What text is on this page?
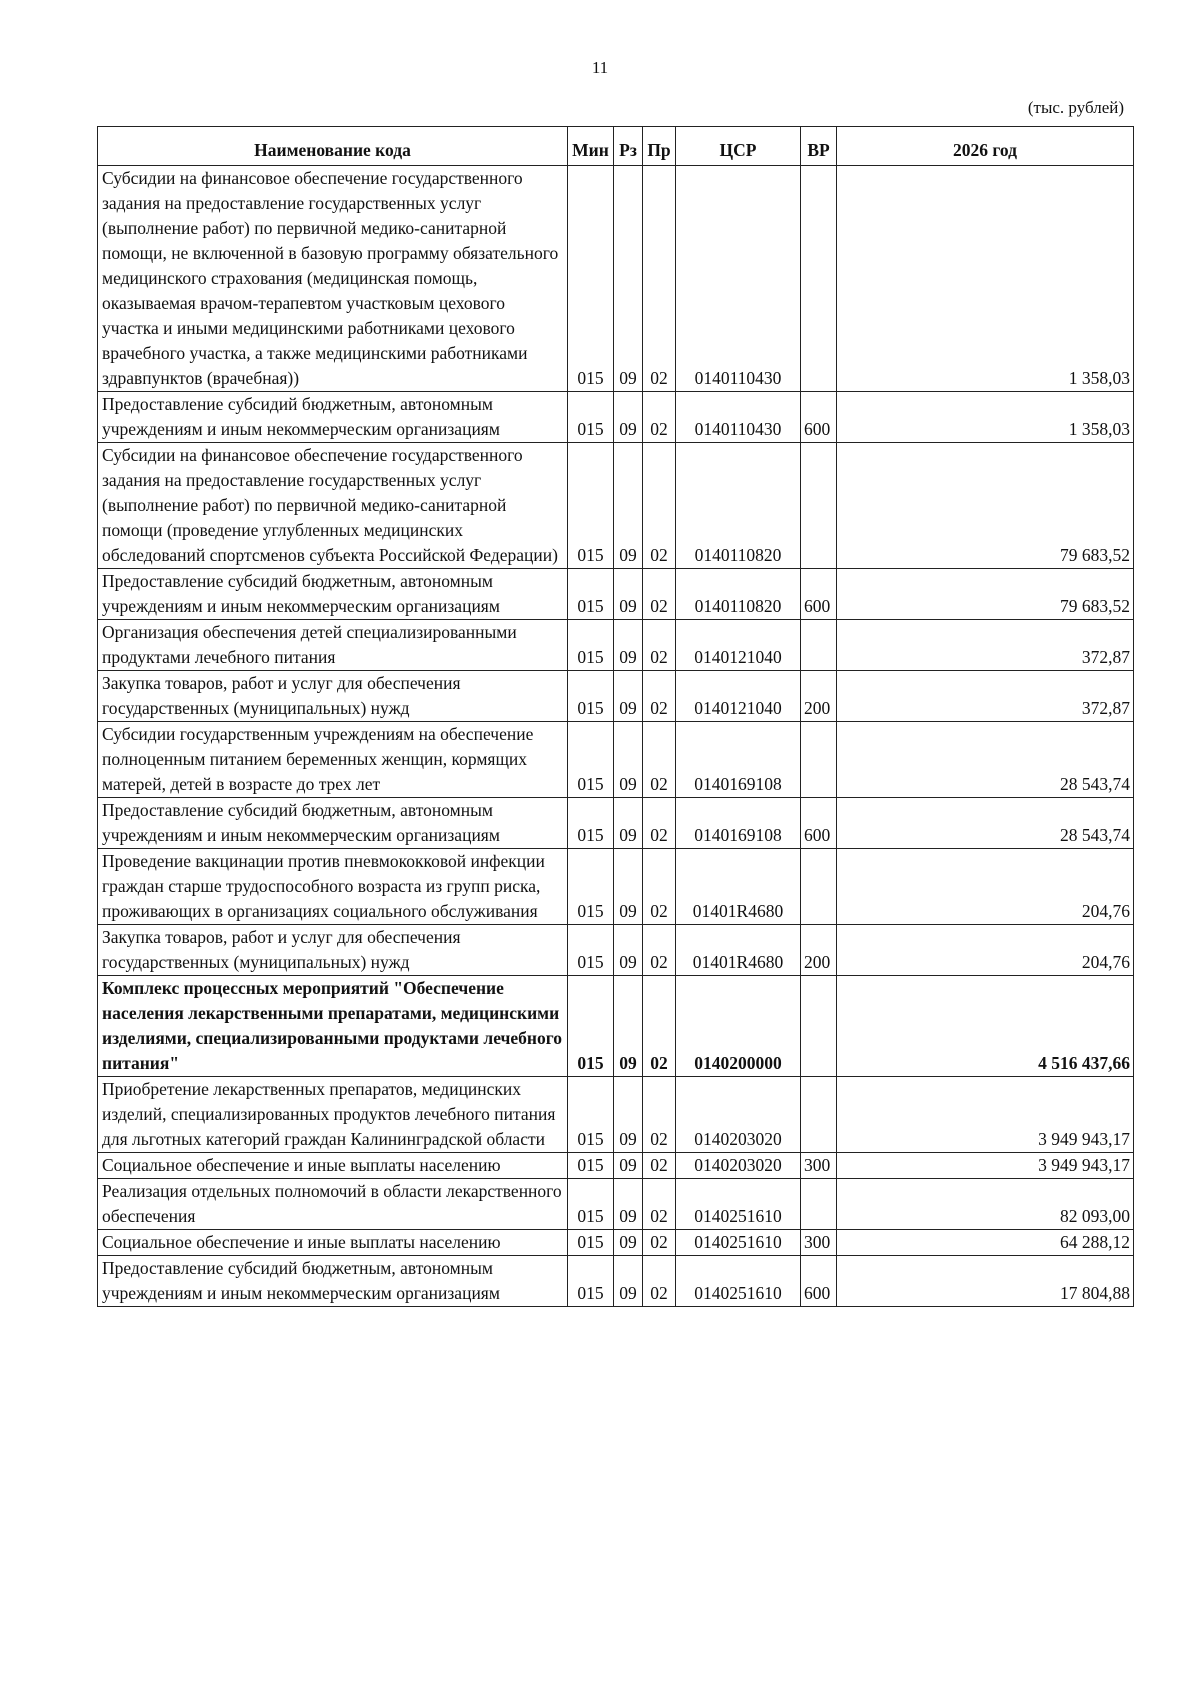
11
(тыс. рублей)
Наименование кода	Мин	Рз	Пр	ЦСР	ВР	2026 год
Субсидии на финансовое обеспечение государственного задания на предоставление государственных услуг (выполнение работ) по первичной медико-санитарной помощи, не включенной в базовую программу обязательного медицинского страхования (медицинская помощь, оказываемая врачом-терапевтом участковым цехового участка и иными медицинскими работниками цехового врачебного участка, а также медицинскими работниками здравпунктов (врачебная))	015	09	02	0140110430		1 358,03
Предоставление субсидий бюджетным, автономным учреждениям и иным некоммерческим организациям	015	09	02	0140110430	600	1 358,03
Субсидии на финансовое обеспечение государственного задания на предоставление государственных услуг (выполнение работ) по первичной медико-санитарной помощи (проведение углубленных медицинских обследований спортсменов субъекта Российской Федерации)	015	09	02	0140110820		79 683,52
Предоставление субсидий бюджетным, автономным учреждениям и иным некоммерческим организациям	015	09	02	0140110820	600	79 683,52
Организация обеспечения детей специализированными продуктами лечебного питания	015	09	02	0140121040		372,87
Закупка товаров, работ и услуг для обеспечения государственных (муниципальных) нужд	015	09	02	0140121040	200	372,87
Субсидии государственным учреждениям на обеспечение полноценным питанием беременных женщин, кормящих матерей, детей в возрасте до трех лет	015	09	02	0140169108		28 543,74
Предоставление субсидий бюджетным, автономным учреждениям и иным некоммерческим организациям	015	09	02	0140169108	600	28 543,74
Проведение вакцинации против пневмококковой инфекции граждан старше трудоспособного возраста из групп риска, проживающих в организациях социального обслуживания	015	09	02	01401R4680		204,76
Закупка товаров, работ и услуг для обеспечения государственных (муниципальных) нужд	015	09	02	01401R4680	200	204,76
Комплекс процессных мероприятий "Обеспечение населения лекарственными препаратами, медицинскими изделиями, специализированными продуктами лечебного питания"	015	09	02	0140200000		4 516 437,66
Приобретение лекарственных препаратов, медицинских изделий, специализированных продуктов лечебного питания для льготных категорий граждан Калининградской области	015	09	02	0140203020		3 949 943,17
Социальное обеспечение и иные выплаты населению	015	09	02	0140203020	300	3 949 943,17
Реализация отдельных полномочий в области лекарственного обеспечения	015	09	02	0140251610		82 093,00
Социальное обеспечение и иные выплаты населению	015	09	02	0140251610	300	64 288,12
Предоставление субсидий бюджетным, автономным учреждениям и иным некоммерческим организациям	015	09	02	0140251610	600	17 804,88
